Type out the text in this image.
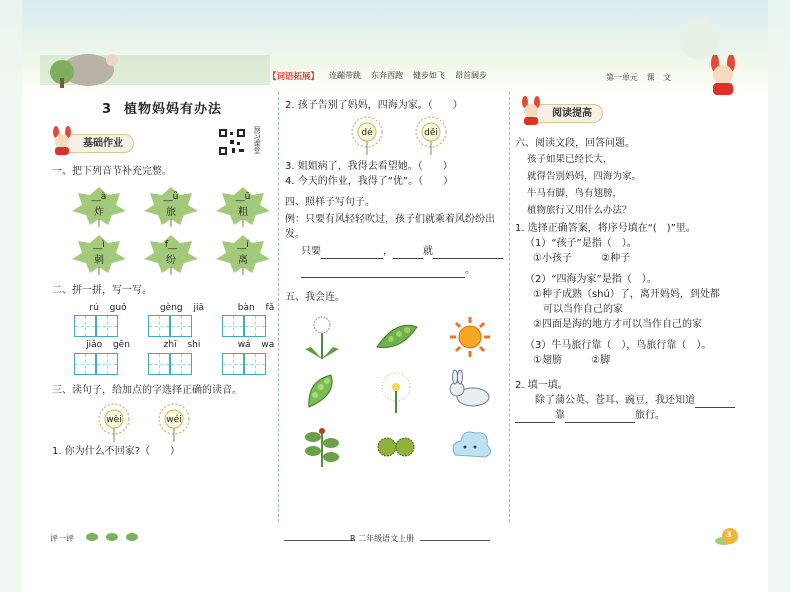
【词语拓展】 连蹦带跳 东奔西跑 健步如飞 昂首阔步	第一单元 课 文
3 植物妈妈有办法
基础作业	预习课堂
一、把下列音节补充完整。
__à
炸
__ǚ
旅
__ū
粗
__ì
刺
f__
纷
__í
离
二、拼一拼，写一写。
rú guǒ	gèng jiā	bàn fǎ
jiǎo gēn	zhī shi	wá wa
三、读句子，给加点的字选择正确的读音。
wèi	wéi
1. 你为什么不回家?（　　）
2. 孩子告别了妈妈，四海为家。（　　）
dé	děi
3. 姐姐病了，我得去看望她。（　　）
4. 今天的作业，我得了“优”。（　　）
四、照样子写句子。
例：只要有风轻轻吹过，孩子们就乘着风纷纷出发。
只要	，	就
。
五、我会连。
阅读提高
六、阅读文段，回答问题。
孩子如果已经长大，
就得告别妈妈，四海为家。
牛马有脚，鸟有翅膀，
植物旅行又用什么办法？
1. 选择正确答案，将序号填在“(　)”里。
（1）“孩子”是指（　）。
①小孩子	②种子
（2）“四海为家”是指（　）。
①种子成熟（shú）了，离开妈妈，到处都
　可以当作自己的家
②四面是海的地方才可以当作自己的家
（3）牛马旅行靠（　），鸟旅行靠（　）。
①翅膀	②脚
2. 填一填。
除了蒲公英、苍耳、豌豆，我还知道
靠	旅行。
评一评	R 二年级语文上册	3
